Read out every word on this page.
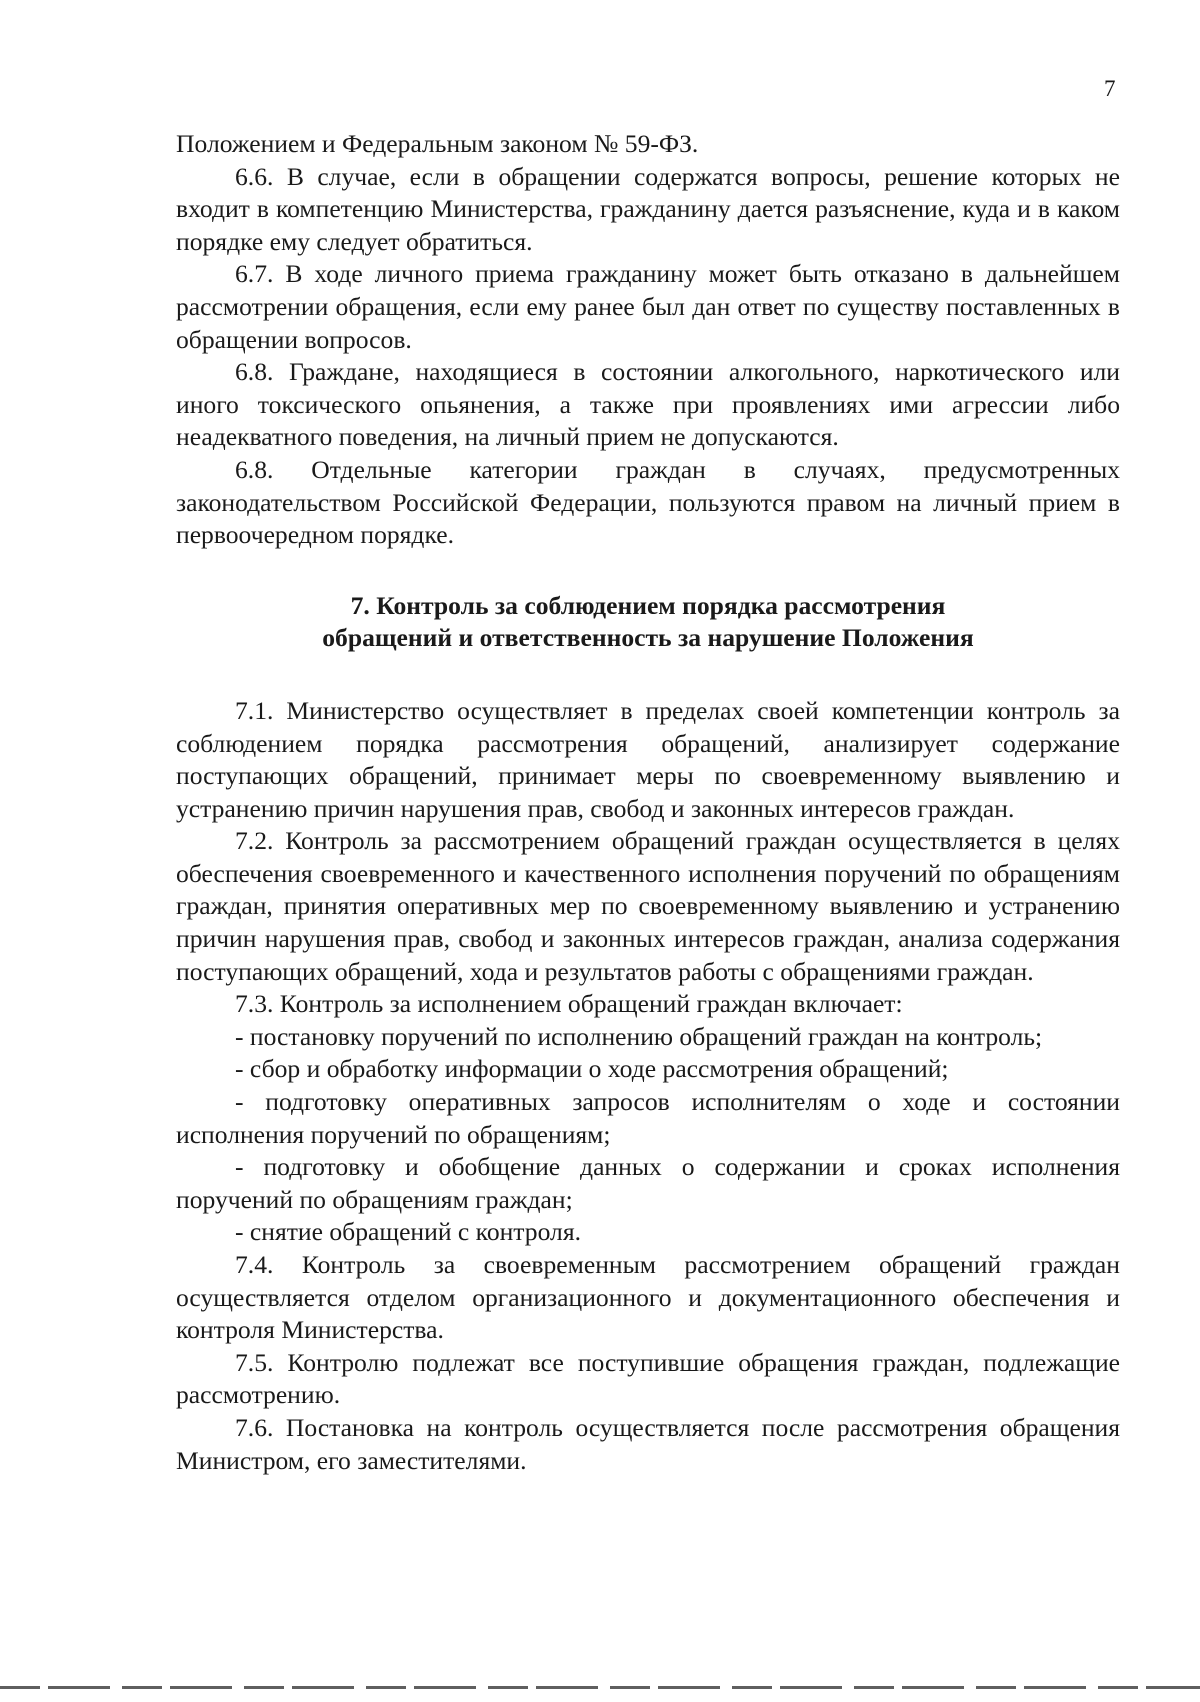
7

Положением и Федеральным законом № 59-ФЗ.

6.6. В случае, если в обращении содержатся вопросы, решение которых не входит в компетенцию Министерства, гражданину дается разъяснение, куда и в каком порядке ему следует обратиться.

6.7. В ходе личного приема гражданину может быть отказано в дальнейшем рассмотрении обращения, если ему ранее был дан ответ по существу поставленных в обращении вопросов.

6.8. Граждане, находящиеся в состоянии алкогольного, наркотического или иного токсического опьянения, а также при проявлениях ими агрессии либо неадекватного поведения, на личный прием не допускаются.

6.8. Отдельные категории граждан в случаях, предусмотренных законодательством Российской Федерации, пользуются правом на личный прием в первоочередном порядке.

7. Контроль за соблюдением порядка рассмотрения
обращений и ответственность за нарушение Положения

7.1. Министерство осуществляет в пределах своей компетенции контроль за соблюдением порядка рассмотрения обращений, анализирует содержание поступающих обращений, принимает меры по своевременному выявлению и устранению причин нарушения прав, свобод и законных интересов граждан.

7.2. Контроль за рассмотрением обращений граждан осуществляется в целях обеспечения своевременного и качественного исполнения поручений по обращениям граждан, принятия оперативных мер по своевременному выявлению и устранению причин нарушения прав, свобод и законных интересов граждан, анализа содержания поступающих обращений, хода и результатов работы с обращениями граждан.

7.3. Контроль за исполнением обращений граждан включает:

- постановку поручений по исполнению обращений граждан на контроль;

- сбор и обработку информации о ходе рассмотрения обращений;

- подготовку оперативных запросов исполнителям о ходе и состоянии исполнения поручений по обращениям;

- подготовку и обобщение данных о содержании и сроках исполнения поручений по обращениям граждан;

- снятие обращений с контроля.

7.4. Контроль за своевременным рассмотрением обращений граждан осуществляется отделом организационного и документационного обеспечения и контроля Министерства.

7.5. Контролю подлежат все поступившие обращения граждан, подлежащие рассмотрению.

7.6. Постановка на контроль осуществляется после рассмотрения обращения Министром, его заместителями.
